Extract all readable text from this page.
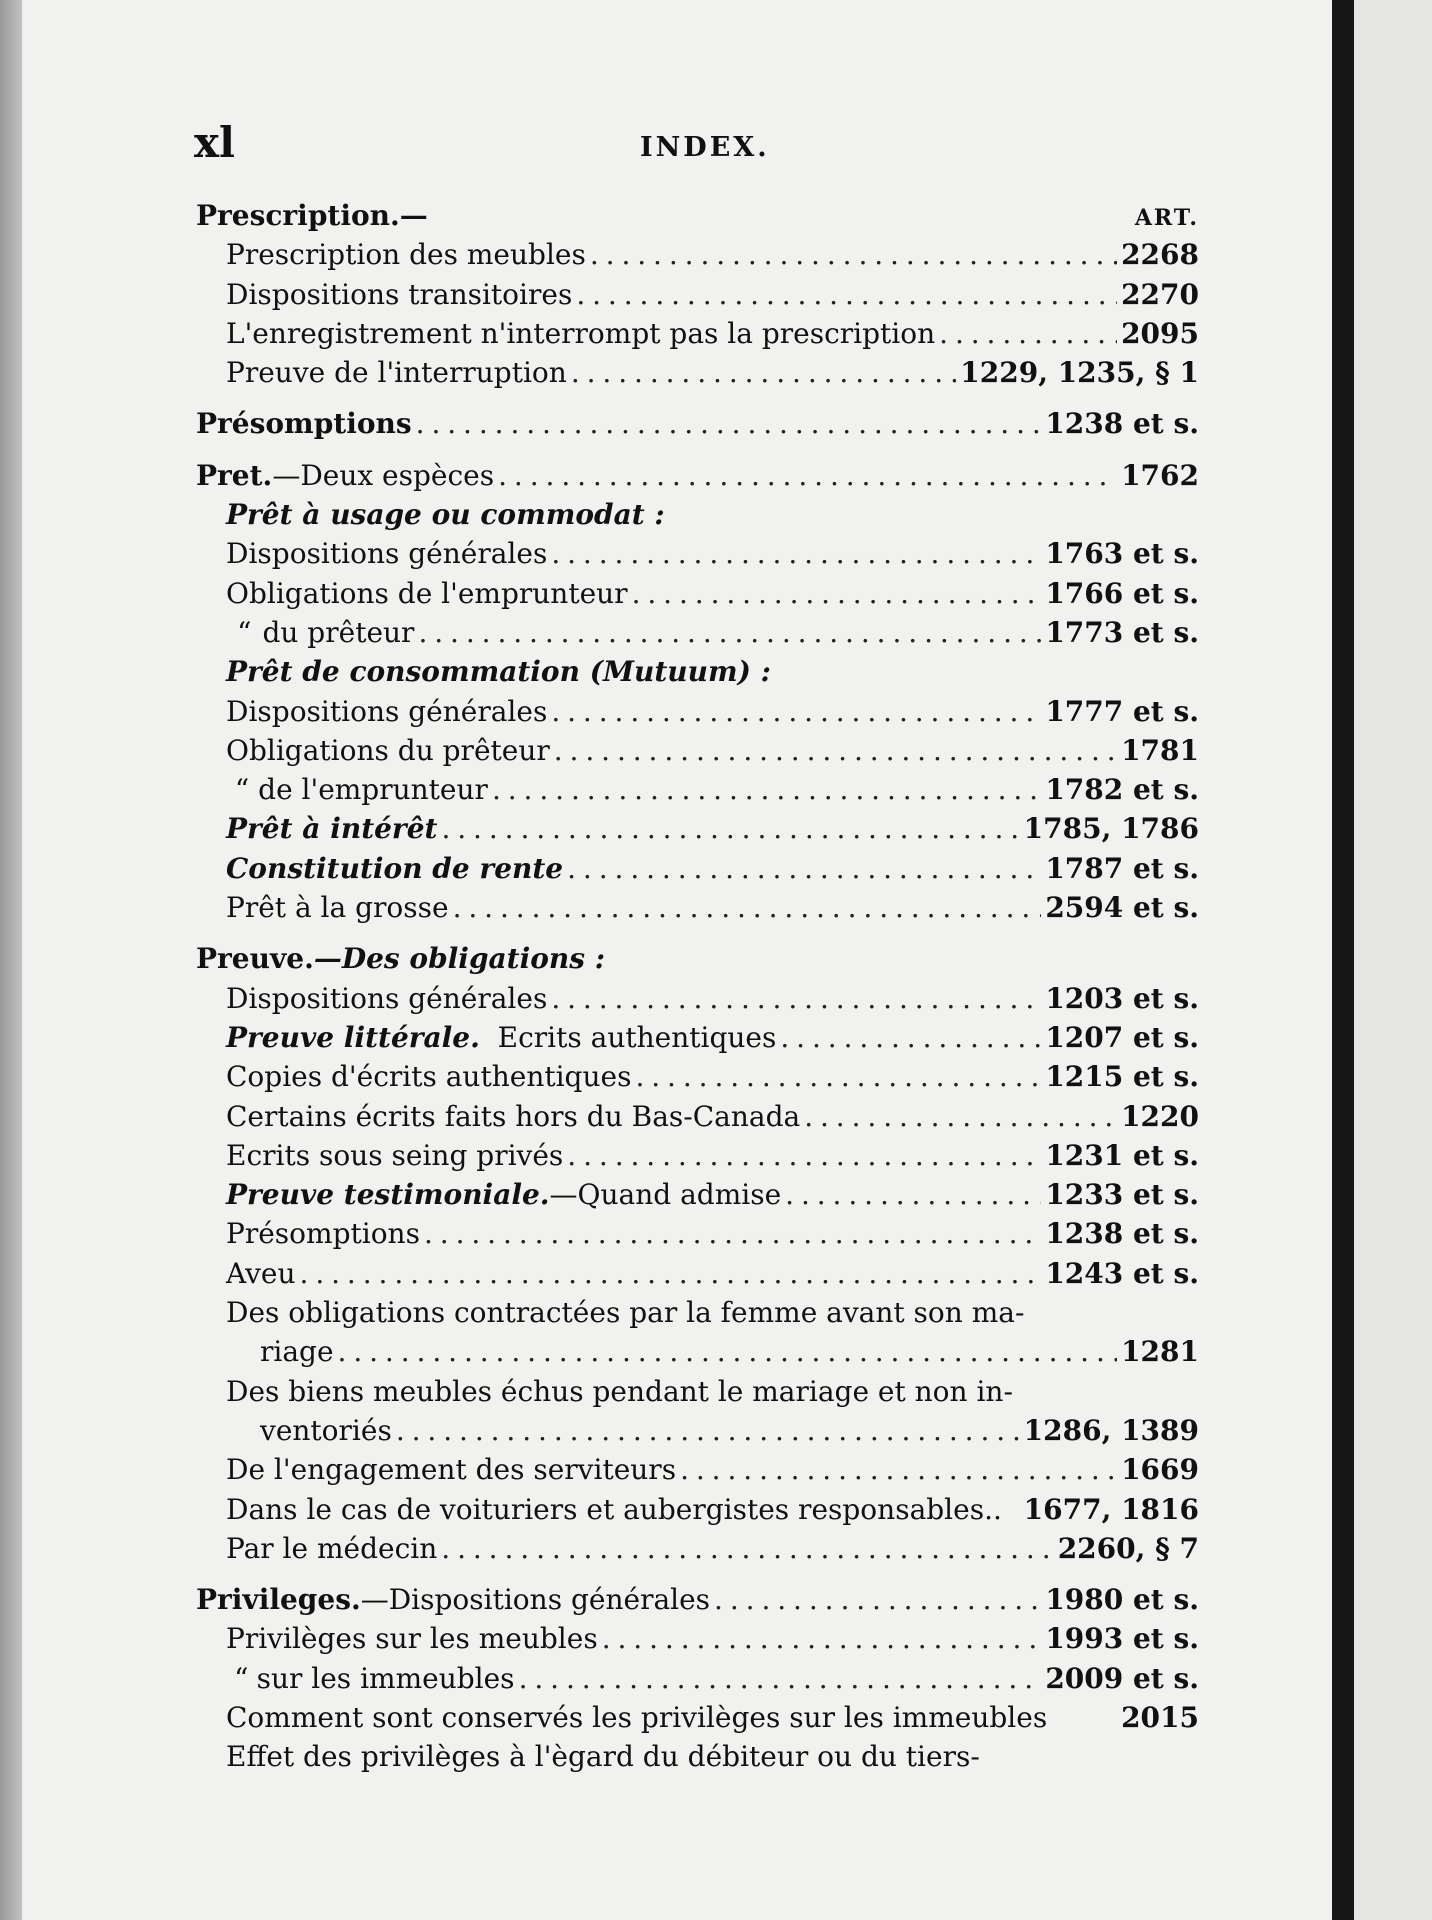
xl	INDEX.
Prescription.—	ART.
Prescription des meubles . . .	2268
Dispositions transitoires . . .	2270
L'enregistrement n'interrompt pas la prescription . . .	2095
Preuve de l'interruption . . .	1229, 1235, § 1
Présomptions . . .	1238 et s.
Pret.—Deux espèces . . .	1762
Prêt à usage ou commodat :
Dispositions générales . . .	1763 et s.
Obligations de l'emprunteur . . .	1766 et s.
“ du prêteur . . .	1773 et s.
Prêt de consommation (Mutuum) :
Dispositions générales . . .	1777 et s.
Obligations du prêteur . . .	1781
“ de l'emprunteur . . .	1782 et s.
Prêt à intérêt . . .	1785, 1786
Constitution de rente . . .	1787 et s.
Prêt à la grosse . . .	2594 et s.
Preuve.—Des obligations :
Dispositions générales . . .	1203 et s.
Preuve littérale. Ecrits authentiques . . .	1207 et s.
Copies d'écrits authentiques . . .	1215 et s.
Certains écrits faits hors du Bas-Canada . . .	1220
Ecrits sous seing privés . . .	1231 et s.
Preuve testimoniale.—Quand admise . . .	1233 et s.
Présomptions . . .	1238 et s.
Aveu . . .	1243 et s.
Des obligations contractées par la femme avant son ma-
riage . . .	1281
Des biens meubles échus pendant le mariage et non in-
ventoriés . . .	1286, 1389
De l'engagement des serviteurs . . .	1669
Dans le cas de voituriers et aubergistes responsables.. 1677, 1816
Par le médecin . . .	2260, § 7
Privileges.—Dispositions générales . . .	1980 et s.
Privilèges sur les meubles . . .	1993 et s.
“ sur les immeubles . . .	2009 et s.
Comment sont conservés les privilèges sur les immeubles	2015
Effet des privilèges à l'ègard du débiteur ou du tiers-
